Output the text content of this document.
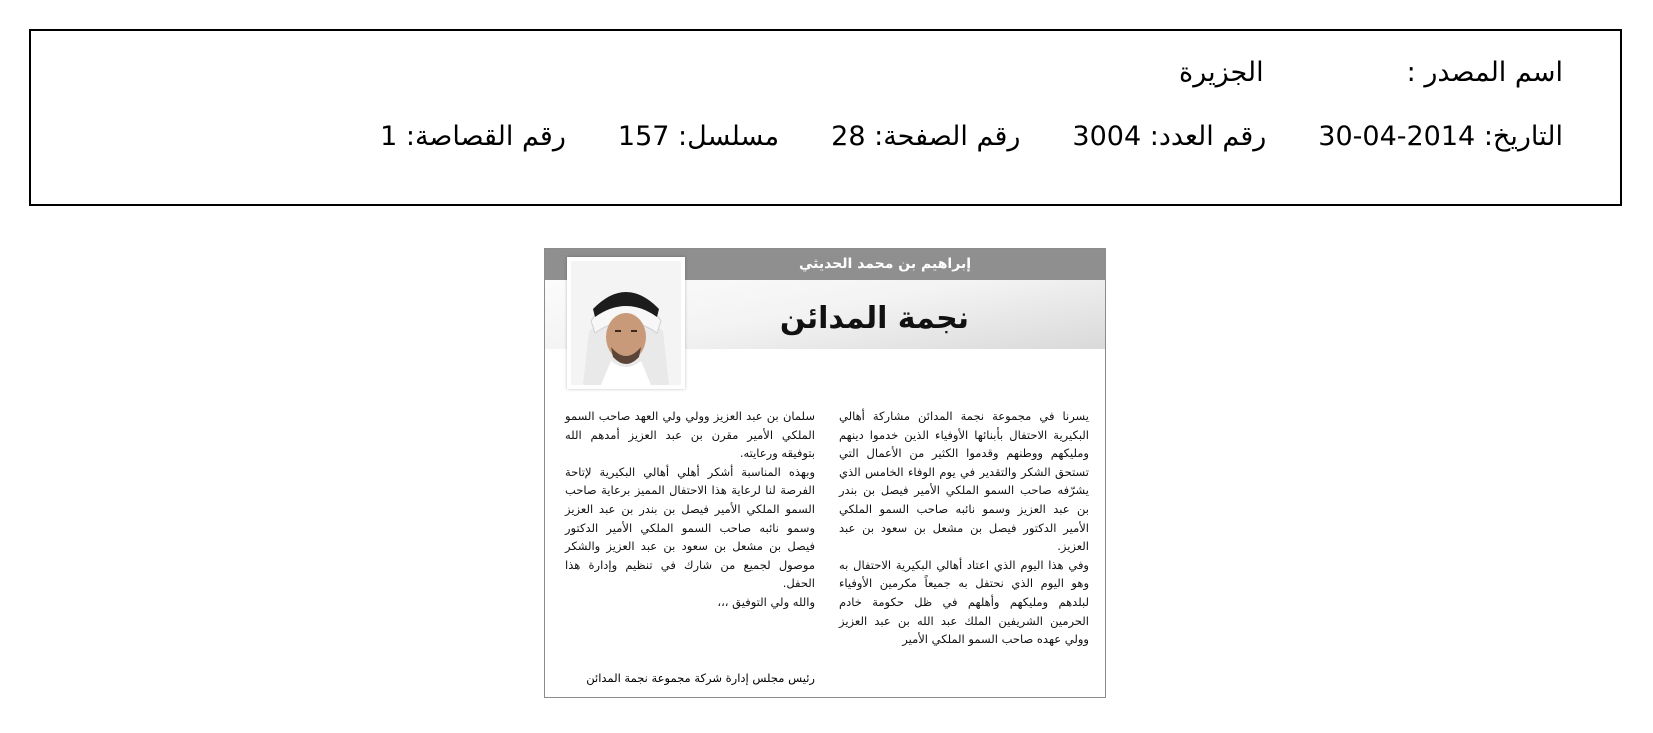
اسم المصدر :
الجزيرة
التاريخ: 2014-04-30
رقم العدد: 3004
رقم الصفحة: 28
مسلسل: 157
رقم القصاصة: 1
إبراهيم بن محمد الحديثي
نجمة المدائن

يسرنا في مجموعة نجمة المدائن مشاركة أهالي البكيرية الاحتفال بأبنائها الأوفياء الذين خدموا دينهم ومليكهم ووطنهم وقدموا الكثير من الأعمال التي تستحق الشكر والتقدير في يوم الوفاء الخامس الذي يشرّفه صاحب السمو الملكي الأمير فيصل بن بندر بن عبد العزيز وسمو نائبه صاحب السمو الملكي الأمير الدكتور فيصل بن مشعل بن سعود بن عبد العزيز.

وفي هذا اليوم الذي اعتاد أهالي البكيرية الاحتفال به وهو اليوم الذي نحتفل به جميعاً مكرمين الأوفياء لبلدهم ومليكهم وأهلهم في ظل حكومة خادم الحرمين الشريفين الملك عبد الله بن عبد العزيز وولي عهده صاحب السمو الملكي الأمير

سلمان بن عبد العزيز وولي ولي العهد صاحب السمو الملكي الأمير مقرن بن عبد العزيز أمدهم الله بتوفيقه ورعايته.

وبهذه المناسبة أشكر أهلي أهالي البكيرية لإتاحة الفرصة لنا لرعاية هذا الاحتفال المميز برعاية صاحب السمو الملكي الأمير فيصل بن بندر بن عبد العزيز وسمو نائبه صاحب السمو الملكي الأمير الدكتور فيصل بن مشعل بن سعود بن عبد العزيز والشكر موصول لجميع من شارك في تنظيم وإدارة هذا الحفل.

والله ولي التوفيق ،،،

رئيس مجلس إدارة شركة مجموعة نجمة المدائن
